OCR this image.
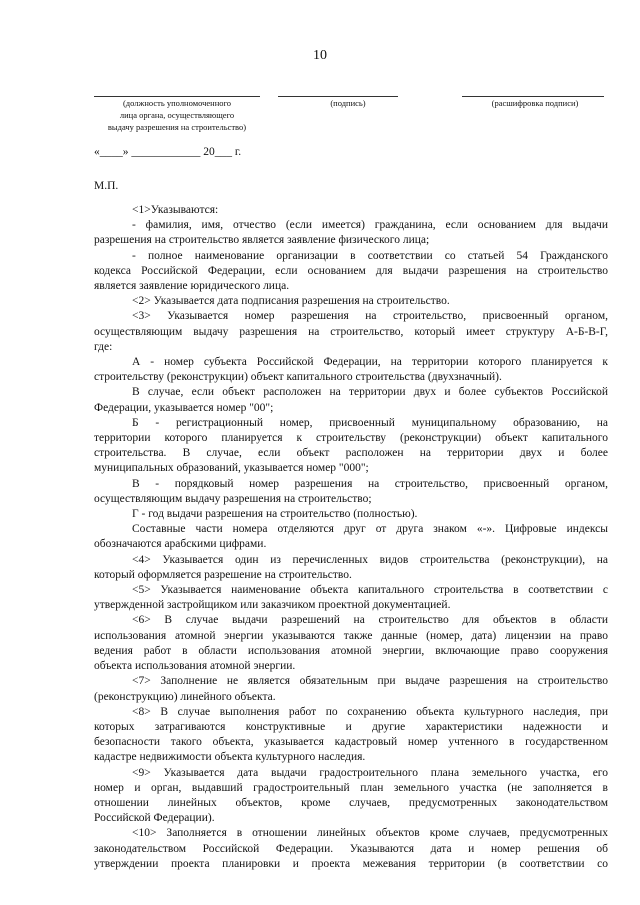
10
(должность уполномоченного
лица органа, осуществляющего
выдачу разрешения на строительство)
(подпись)	(расшифровка подписи)
«____» ____________ 20___ г.
М.П.
<1>Указываются:
- фамилия, имя, отчество (если имеется) гражданина, если основанием для выдачи
разрешения на строительство является заявление физического лица;
- полное наименование организации в соответствии со статьей 54 Гражданского
кодекса Российской Федерации, если основанием для выдачи разрешения на строительство
является заявление юридического лица.
<2> Указывается дата подписания разрешения на строительство.
<3> Указывается номер разрешения на строительство, присвоенный органом,
осуществляющим выдачу разрешения на строительство, который имеет структуру А-Б-В-Г,
где:
А - номер субъекта Российской Федерации, на территории которого планируется к
строительству (реконструкции) объект капитального строительства (двухзначный).
В случае, если объект расположен на территории двух и более субъектов Российской
Федерации, указывается номер "00";
Б - регистрационный номер, присвоенный муниципальному образованию, на
территории которого планируется к строительству (реконструкции) объект капитального
строительства. В случае, если объект расположен на территории двух и более
муниципальных образований, указывается номер "000";
В - порядковый номер разрешения на строительство, присвоенный органом,
осуществляющим выдачу разрешения на строительство;
Г - год выдачи разрешения на строительство (полностью).
Составные части номера отделяются друг от друга знаком «-». Цифровые индексы
обозначаются арабскими цифрами.
<4> Указывается один из перечисленных видов строительства (реконструкции), на
который оформляется разрешение на строительство.
<5> Указывается наименование объекта капитального строительства в соответствии с
утвержденной застройщиком или заказчиком проектной документацией.
<6> В случае выдачи разрешений на строительство для объектов в области
использования атомной энергии указываются также данные (номер, дата) лицензии на право
ведения работ в области использования атомной энергии, включающие право сооружения
объекта использования атомной энергии.
<7> Заполнение не является обязательным при выдаче разрешения на строительство
(реконструкцию) линейного объекта.
<8> В случае выполнения работ по сохранению объекта культурного наследия, при
которых затрагиваются конструктивные и другие характеристики надежности и
безопасности такого объекта, указывается кадастровый номер учтенного в государственном
кадастре недвижимости объекта культурного наследия.
<9> Указывается дата выдачи градостроительного плана земельного участка, его
номер и орган, выдавший градостроительный план земельного участка (не заполняется в
отношении линейных объектов, кроме случаев, предусмотренных законодательством
Российской Федерации).
<10> Заполняется в отношении линейных объектов кроме случаев, предусмотренных
законодательством Российской Федерации. Указываются дата и номер решения об
утверждении проекта планировки и проекта межевания территории (в соответствии со
